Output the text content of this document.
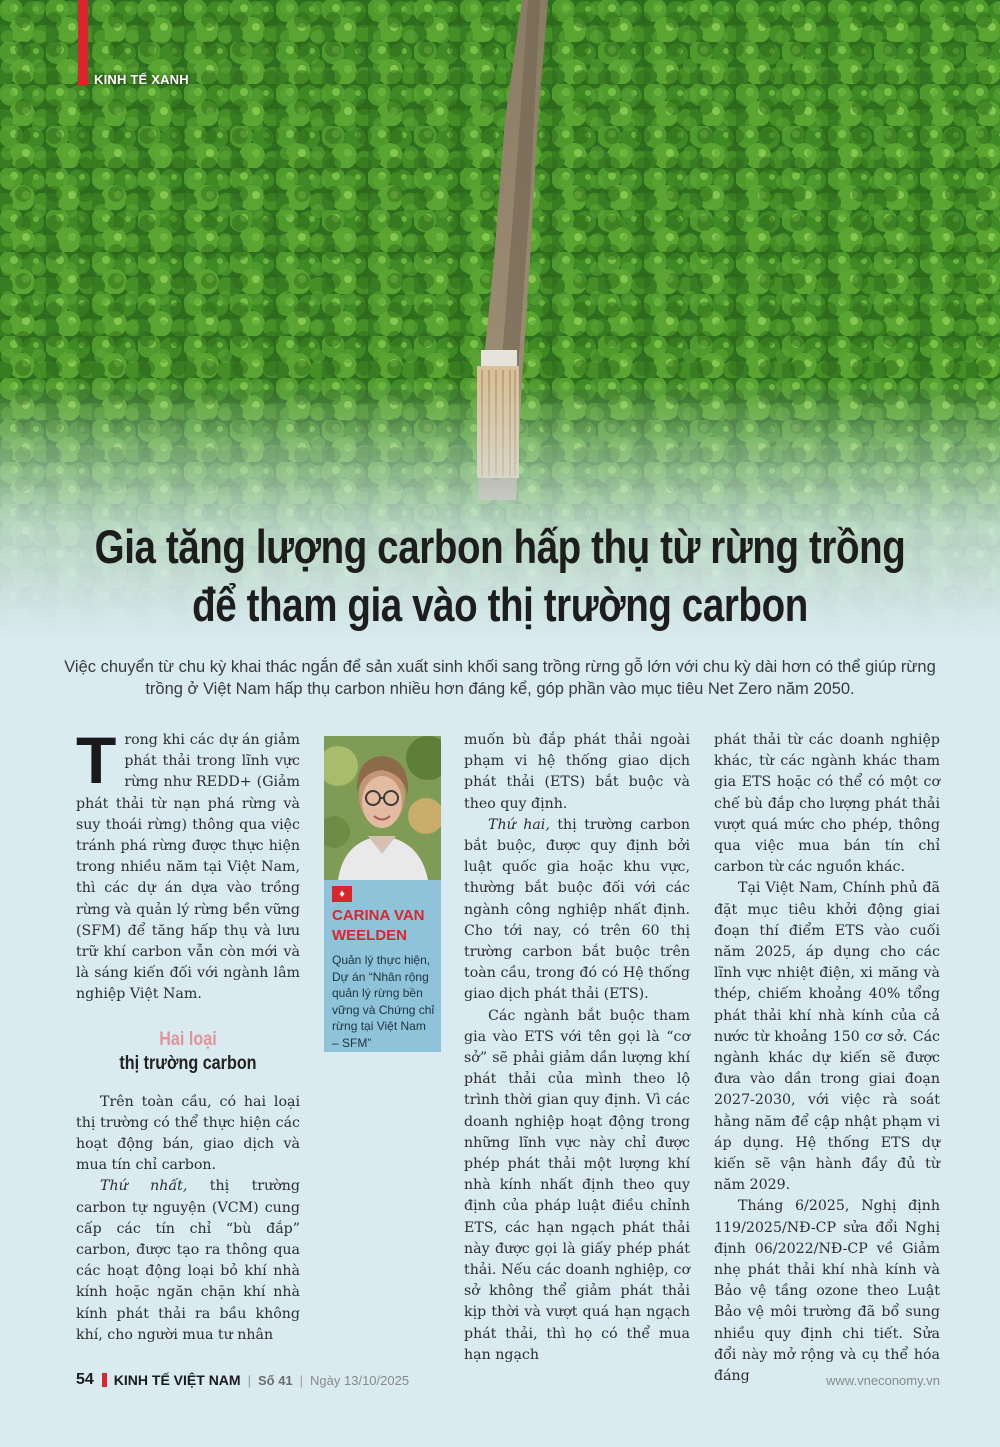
KINH TẾ XANH
Gia tăng lượng carbon hấp thụ từ rừng trồng
để tham gia vào thị trường carbon
Việc chuyển từ chu kỳ khai thác ngắn để sản xuất sinh khối sang trồng rừng gỗ lớn với chu kỳ dài hơn có thể giúp rừng trồng ở Việt Nam hấp thụ carbon nhiều hơn đáng kể, góp phần vào mục tiêu Net Zero năm 2050.

Trong khi các dự án giảm phát thải trong lĩnh vực rừng như REDD+ (Giảm phát thải từ nạn phá rừng và suy thoái rừng) thông qua việc tránh phá rừng được thực hiện trong nhiều năm tại Việt Nam, thì các dự án dựa vào trồng rừng và quản lý rừng bền vững (SFM) để tăng hấp thụ và lưu trữ khí carbon vẫn còn mới và là sáng kiến đối với ngành lâm nghiệp Việt Nam.

Hai loại
thị trường carbon

Trên toàn cầu, có hai loại thị trường có thể thực hiện các hoạt động bán, giao dịch và mua tín chỉ carbon.

Thứ nhất, thị trường carbon tự nguyện (VCM) cung cấp các tín chỉ “bù đắp” carbon, được tạo ra thông qua các hoạt động loại bỏ khí nhà kính hoặc ngăn chặn khí nhà kính phát thải ra bầu không khí, cho người mua tư nhân

♦
CARINA VAN WEELDEN
Quản lý thực hiện, Dự án “Nhân rộng quản lý rừng bền vững và Chứng chỉ rừng tại Việt Nam – SFM”

muốn bù đắp phát thải ngoài phạm vi hệ thống giao dịch phát thải (ETS) bắt buộc và theo quy định.

Thứ hai, thị trường carbon bắt buộc, được quy định bởi luật quốc gia hoặc khu vực, thường bắt buộc đối với các ngành công nghiệp nhất định. Cho tới nay, có trên 60 thị trường carbon bắt buộc trên toàn cầu, trong đó có Hệ thống giao dịch phát thải (ETS).

Các ngành bắt buộc tham gia vào ETS với tên gọi là “cơ sở” sẽ phải giảm dần lượng khí phát thải của mình theo lộ trình thời gian quy định. Vì các doanh nghiệp hoạt động trong những lĩnh vực này chỉ được phép phát thải một lượng khí nhà kính nhất định theo quy định của pháp luật điều chỉnh ETS, các hạn ngạch phát thải này được gọi là giấy phép phát thải. Nếu các doanh nghiệp, cơ sở không thể giảm phát thải kịp thời và vượt quá hạn ngạch phát thải, thì họ có thể mua hạn ngạch

phát thải từ các doanh nghiệp khác, từ các ngành khác tham gia ETS hoặc có thể có một cơ chế bù đắp cho lượng phát thải vượt quá mức cho phép, thông qua việc mua bán tín chỉ carbon từ các nguồn khác.

Tại Việt Nam, Chính phủ đã đặt mục tiêu khởi động giai đoạn thí điểm ETS vào cuối năm 2025, áp dụng cho các lĩnh vực nhiệt điện, xi măng và thép, chiếm khoảng 40% tổng phát thải khí nhà kính của cả nước từ khoảng 150 cơ sở. Các ngành khác dự kiến sẽ được đưa vào dần trong giai đoạn 2027-2030, với việc rà soát hằng năm để cập nhật phạm vi áp dụng. Hệ thống ETS dự kiến sẽ vận hành đầy đủ từ năm 2029.

Tháng 6/2025, Nghị định 119/2025/NĐ-CP sửa đổi Nghị định 06/2022/NĐ-CP về Giảm nhẹ phát thải khí nhà kính và Bảo vệ tầng ozone theo Luật Bảo vệ môi trường đã bổ sung nhiều quy định chi tiết. Sửa đổi này mở rộng và cụ thể hóa đáng

54 KINH TẾ VIỆT NAM | Số 41 | Ngày 13/10/2025	www.vneconomy.vn
